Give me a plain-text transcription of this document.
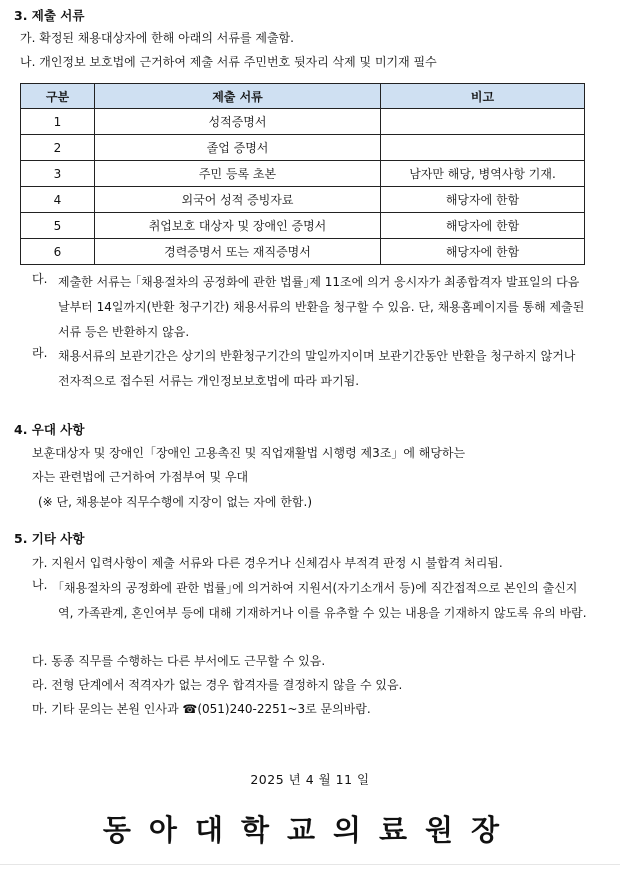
3. 제출 서류
가. 확정된 채용대상자에 한해 아래의 서류를 제출함.
나. 개인정보 보호법에 근거하여 제출 서류 주민번호 뒷자리 삭제 및 미기재 필수
구분	제출 서류	비고
1	성적증명서	
2	졸업 증명서	
3	주민 등록 초본	남자만 해당, 병역사항 기재.
4	외국어 성적 증빙자료	해당자에 한함
5	취업보호 대상자 및 장애인 증명서	해당자에 한함
6	경력증명서 또는 재직증명서	해당자에 한함
다. 제출한 서류는 ｢채용절차의 공정화에 관한 법률｣제 11조에 의거 응시자가 최종합격자 발표일의 다음날부터 14일까지(반환 청구기간) 채용서류의 반환을 청구할 수 있음. 단, 채용홈페이지를 통해 제출된 서류 등은 반환하지 않음.
라. 채용서류의 보관기간은 상기의 반환청구기간의 말일까지이며 보관기간동안 반환을 청구하지 않거나 전자적으로 접수된 서류는 개인정보보호법에 따라 파기됨.
4. 우대 사항
보훈대상자 및 장애인「장애인 고용촉진 및 직업재활법 시행령 제3조」에 해당하는
자는 관련법에 근거하여 가점부여 및 우대
(※ 단, 채용분야 직무수행에 지장이 없는 자에 한함.)
5. 기타 사항
가. 지원서 입력사항이 제출 서류와 다른 경우거나 신체검사 부적격 판정 시 불합격 처리됨.
나. ｢채용절차의 공정화에 관한 법률｣에 의거하여 지원서(자기소개서 등)에 직간접적으로 본인의 출신지역, 가족관계, 혼인여부 등에 대해 기재하거나 이를 유추할 수 있는 내용을 기재하지 않도록 유의 바람.
다. 동종 직무를 수행하는 다른 부서에도 근무할 수 있음.
라. 전형 단계에서 적격자가 없는 경우 합격자를 결정하지 않을 수 있음.
마. 기타 문의는 본원 인사과 ☎(051)240-2251~3로 문의바람.
2025 년 4 월 11 일
동아대학교의료원장
